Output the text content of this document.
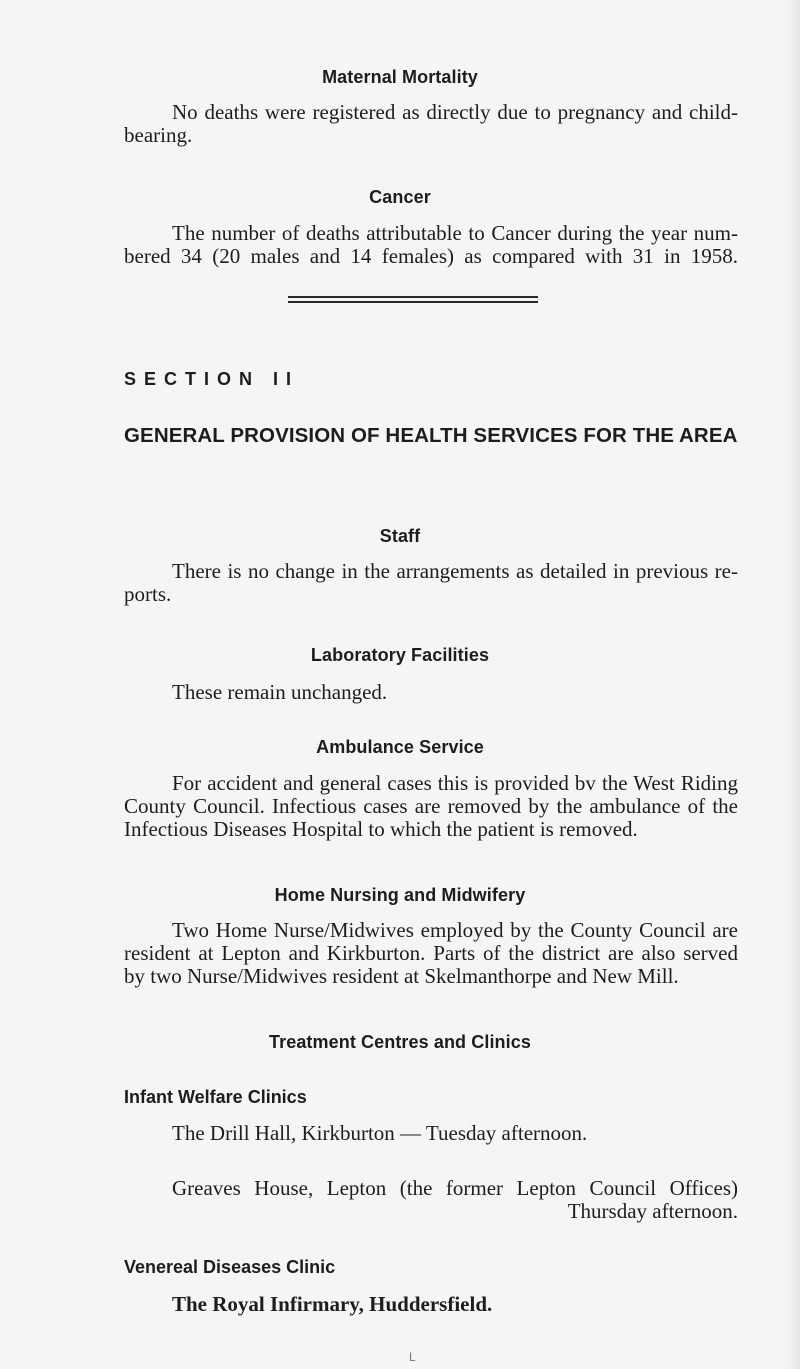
Maternal Mortality
No deaths were registered as directly due to pregnancy and child-
bearing.
Cancer
The number of deaths attributable to Cancer during the year num-
bered 34 (20 males and 14 females) as compared with 31 in 1958.
SECTION II
GENERAL PROVISION OF HEALTH SERVICES FOR THE AREA
Staff
There is no change in the arrangements as detailed in previous re-
ports.
Laboratory Facilities
These remain unchanged.
Ambulance Service
For accident and general cases this is provided bv the West Riding
County Council. Infectious cases are removed by the ambulance of the
Infectious Diseases Hospital to which the patient is removed.
Home Nursing and Midwifery
Two Home Nurse/Midwives employed by the County Council are
resident at Lepton and Kirkburton. Parts of the district are also served
by two Nurse/Midwives resident at Skelmanthorpe and New Mill.
Treatment Centres and Clinics
Infant Welfare Clinics
The Drill Hall, Kirkburton — Tuesday afternoon.
Greaves House, Lepton (the former Lepton Council Offices)
Thursday afternoon.
Venereal Diseases Clinic
The Royal Infirmary, Huddersfield.
L
